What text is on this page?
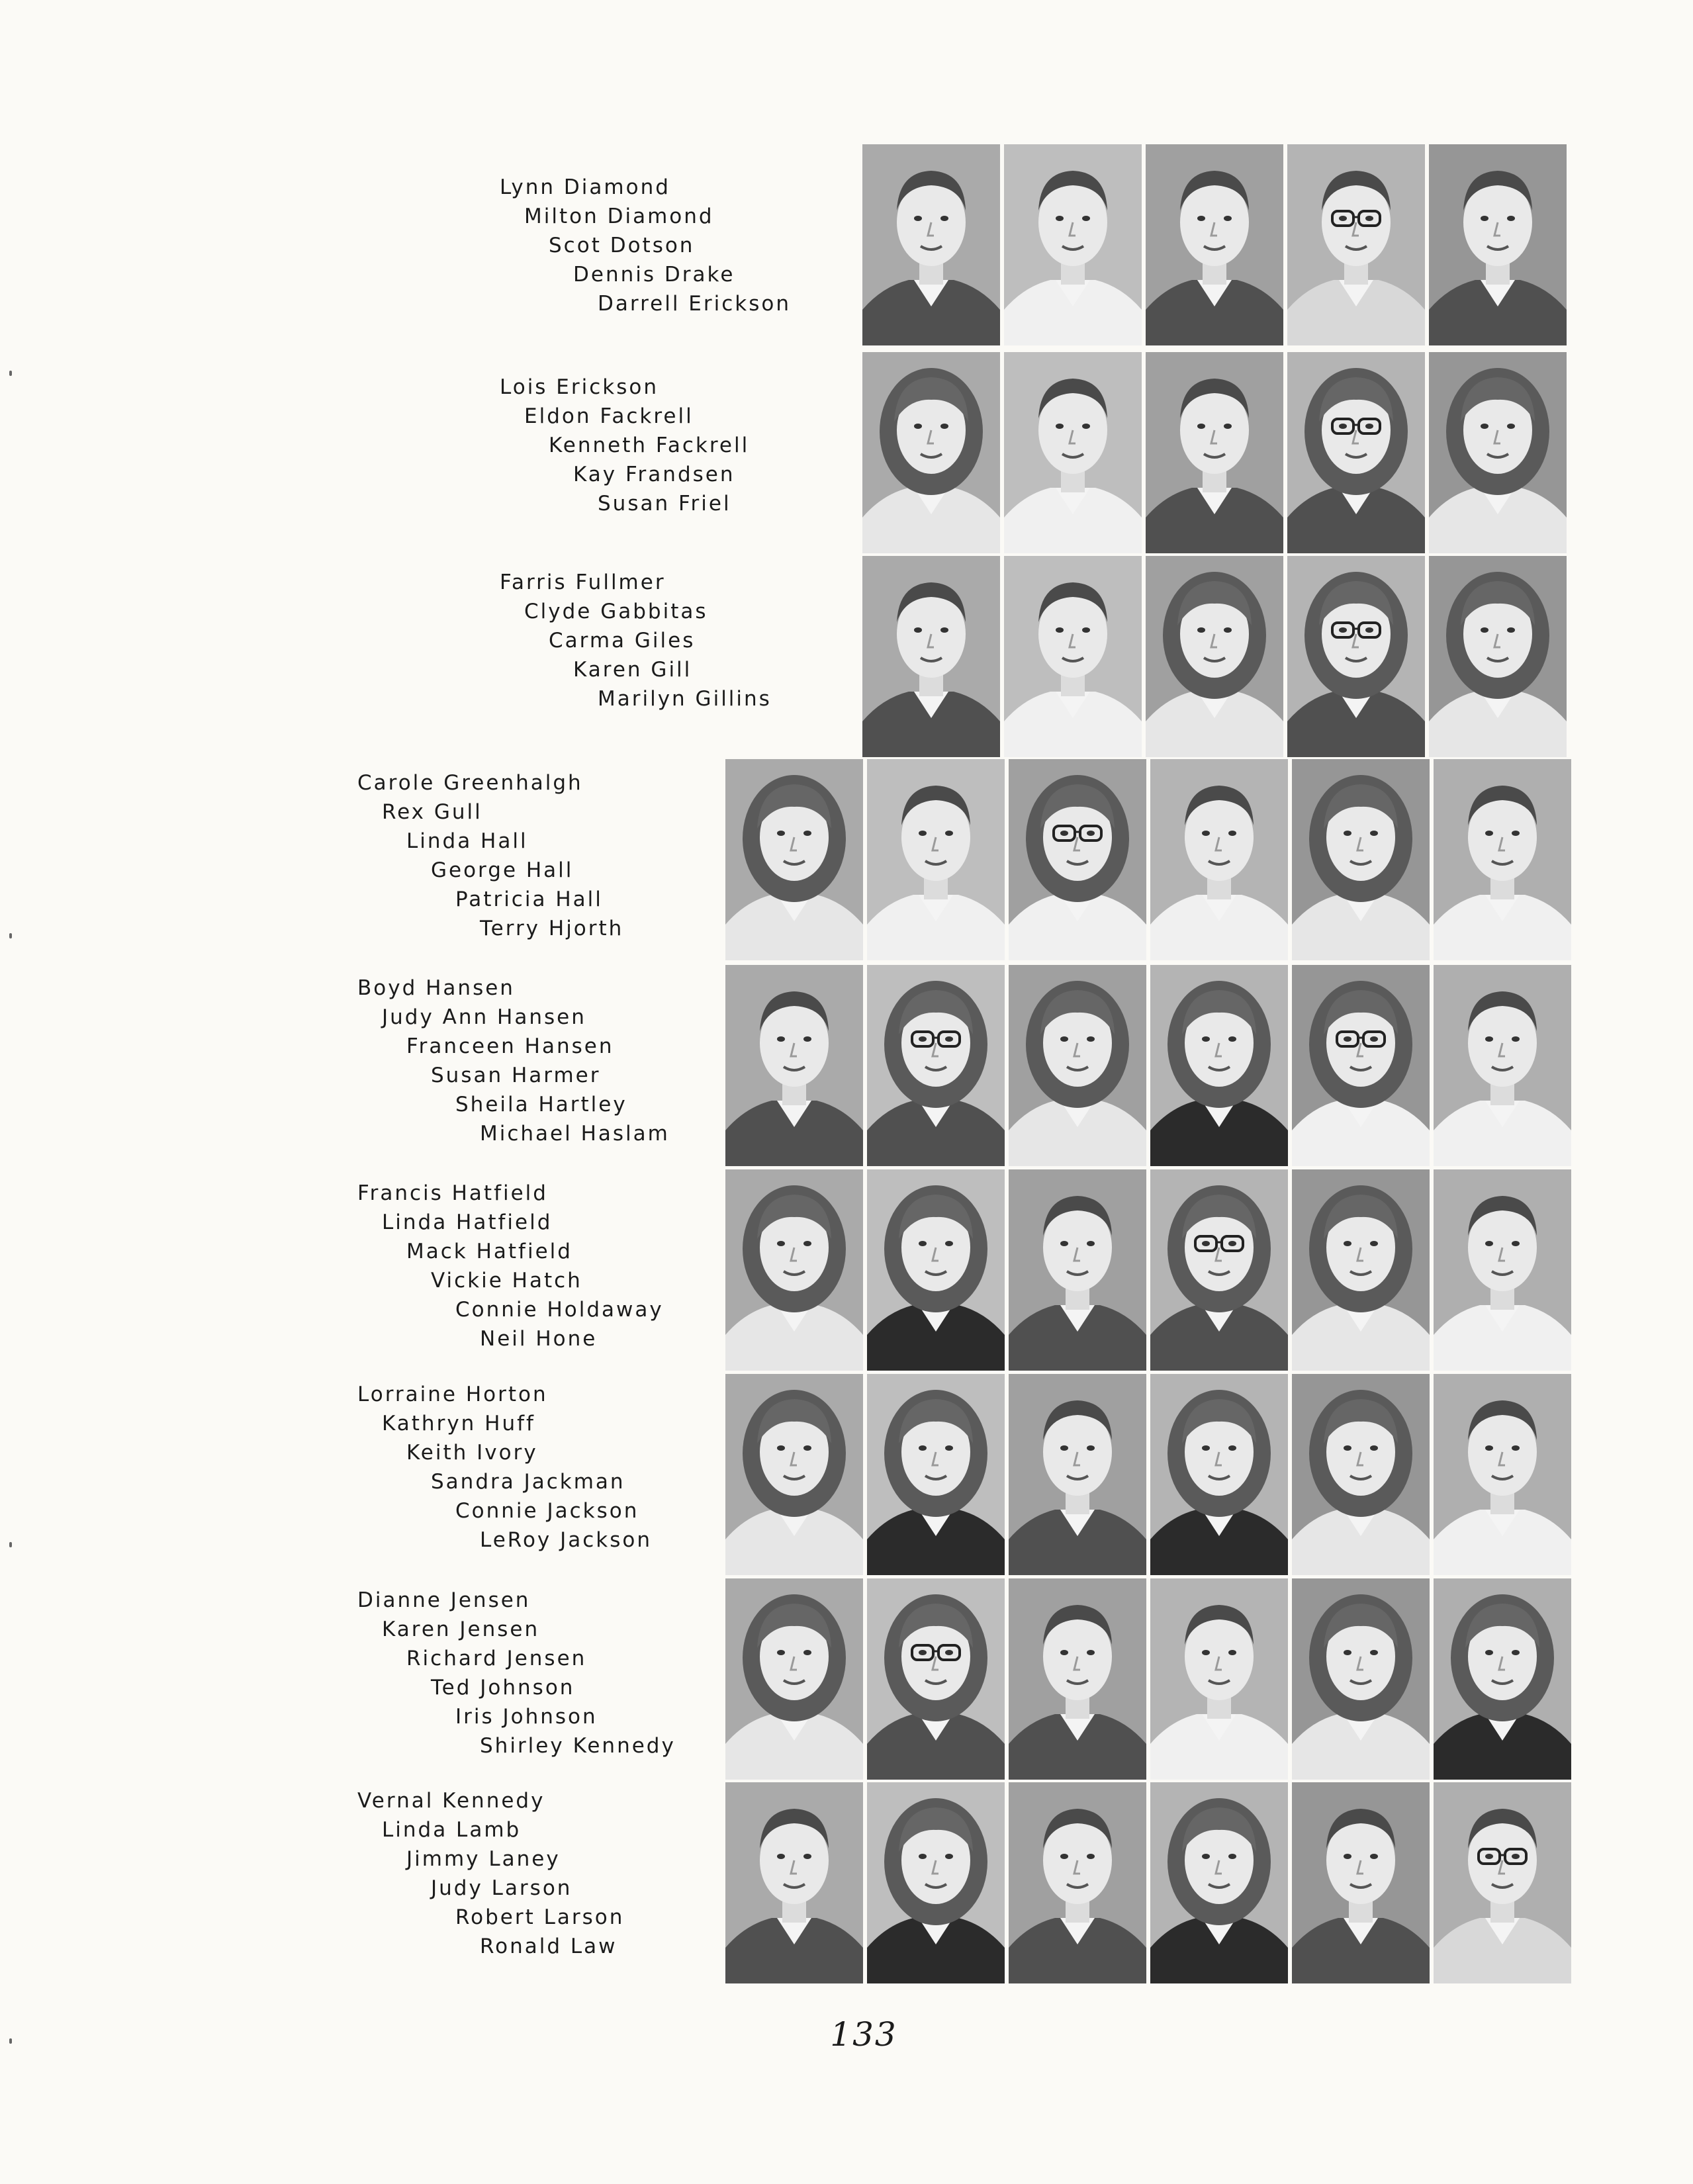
Lynn Diamond
Milton Diamond
Scot Dotson
Dennis Drake
Darrell Erickson
Lois Erickson
Eldon Fackrell
Kenneth Fackrell
Kay Frandsen
Susan Friel
Farris Fullmer
Clyde Gabbitas
Carma Giles
Karen Gill
Marilyn Gillins
Carole Greenhalgh
Rex Gull
Linda Hall
George Hall
Patricia Hall
Terry Hjorth
Boyd Hansen
Judy Ann Hansen
Franceen Hansen
Susan Harmer
Sheila Hartley
Michael Haslam
Francis Hatfield
Linda Hatfield
Mack Hatfield
Vickie Hatch
Connie Holdaway
Neil Hone
Lorraine Horton
Kathryn Huff
Keith Ivory
Sandra Jackman
Connie Jackson
LeRoy Jackson
Dianne Jensen
Karen Jensen
Richard Jensen
Ted Johnson
Iris Johnson
Shirley Kennedy
Vernal Kennedy
Linda Lamb
Jimmy Laney
Judy Larson
Robert Larson
Ronald Law
133
